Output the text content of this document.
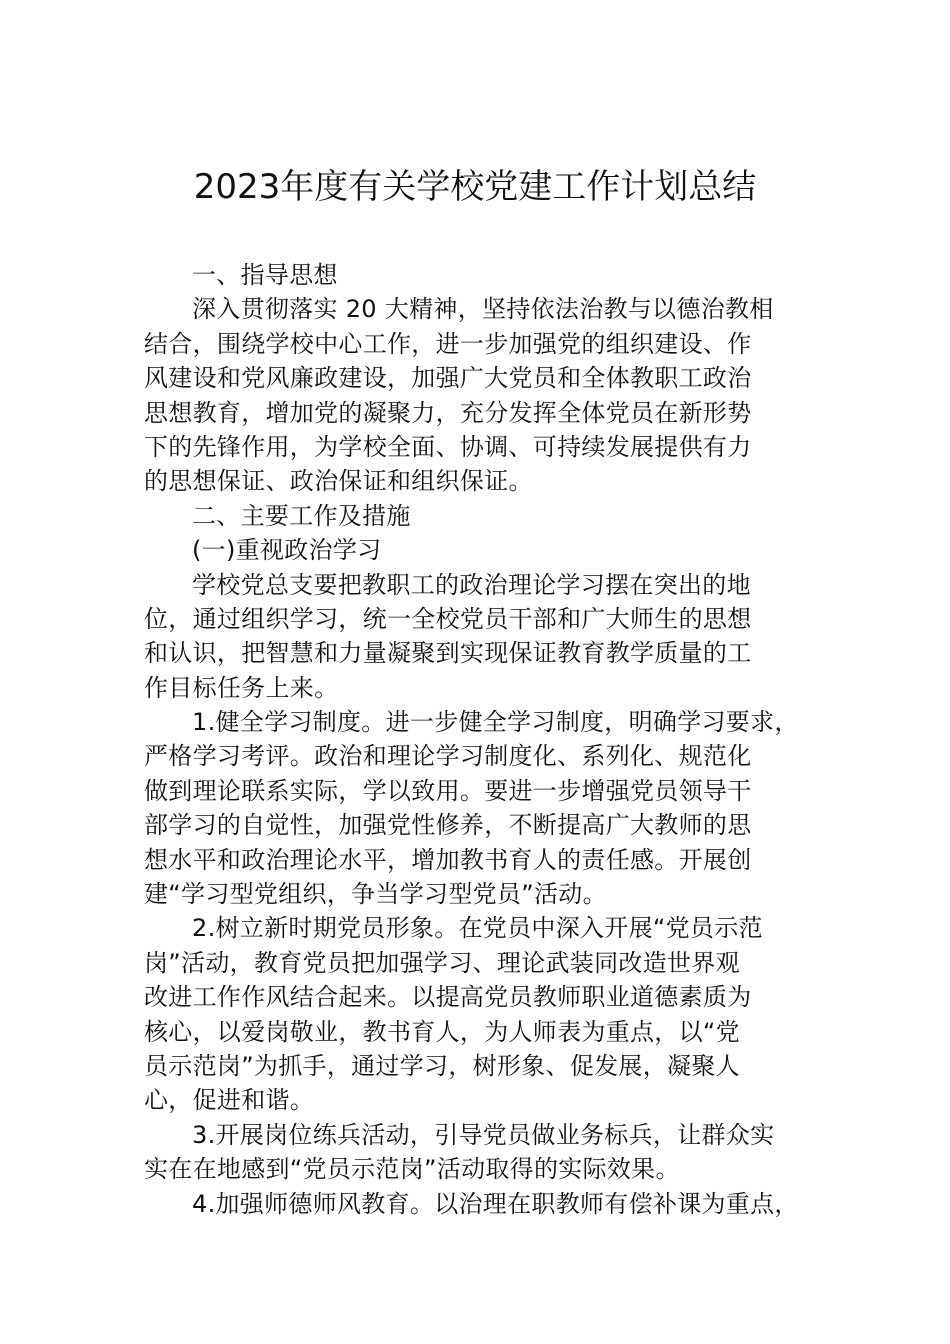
2023年度有关学校党建工作计划总结
一、指导思想
深入贯彻落实 20 大精神，坚持依法治教与以德治教相
结合，围绕学校中心工作，进一步加强党的组织建设、作
风建设和党风廉政建设，加强广大党员和全体教职工政治
思想教育，增加党的凝聚力，充分发挥全体党员在新形势
下的先锋作用，为学校全面、协调、可持续发展提供有力
的思想保证、政治保证和组织保证。
二、主要工作及措施
(一)重视政治学习
学校党总支要把教职工的政治理论学习摆在突出的地
位，通过组织学习，统一全校党员干部和广大师生的思想
和认识，把智慧和力量凝聚到实现保证教育教学质量的工
作目标任务上来。
1.健全学习制度。进一步健全学习制度，明确学习要求，
严格学习考评。政治和理论学习制度化、系列化、规范化
做到理论联系实际，学以致用。要进一步增强党员领导干
部学习的自觉性，加强党性修养，不断提高广大教师的思
想水平和政治理论水平，增加教书育人的责任感。开展创
建“学习型党组织，争当学习型党员”活动。
2.树立新时期党员形象。在党员中深入开展“党员示范
岗”活动，教育党员把加强学习、理论武装同改造世界观
改进工作作风结合起来。以提高党员教师职业道德素质为
核心，以爱岗敬业，教书育人，为人师表为重点，以“党
员示范岗”为抓手，通过学习，树形象、促发展，凝聚人
心，促进和谐。
3.开展岗位练兵活动，引导党员做业务标兵，让群众实
实在在地感到“党员示范岗”活动取得的实际效果。
4.加强师德师风教育。以治理在职教师有偿补课为重点，
